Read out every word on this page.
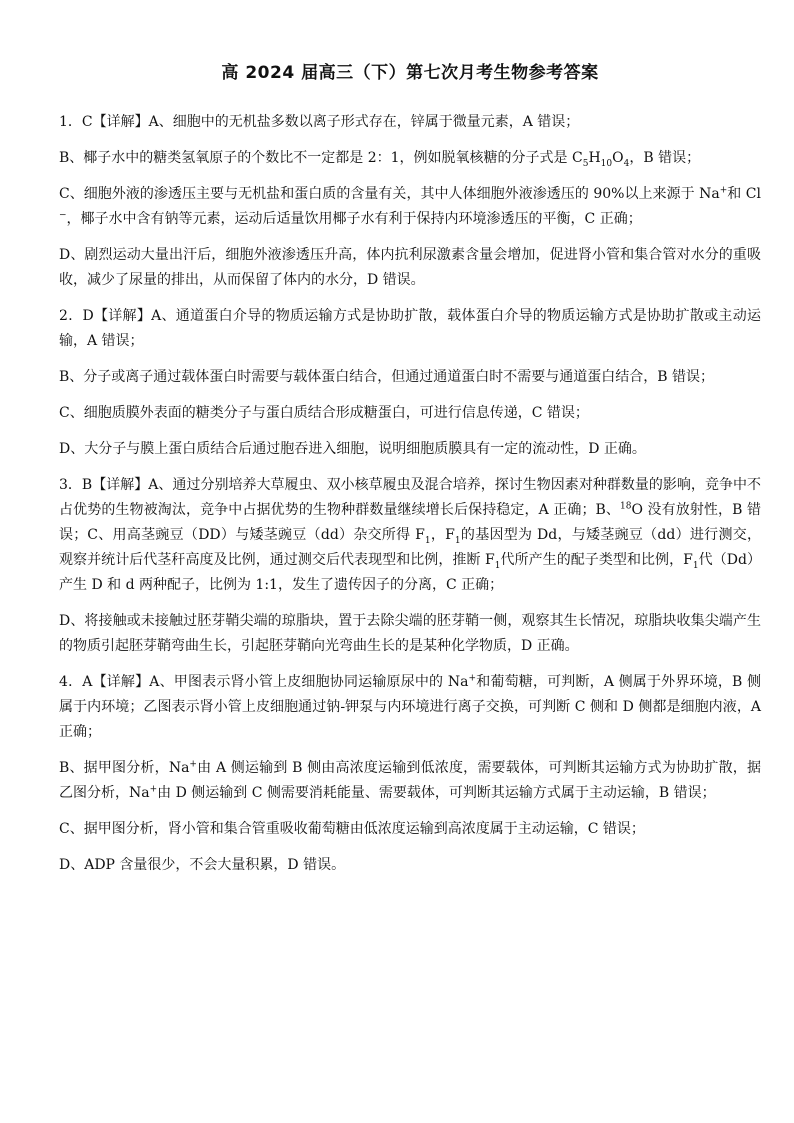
高 2024 届高三（下）第七次月考生物参考答案

1．C【详解】A、细胞中的无机盐多数以离子形式存在，锌属于微量元素，A 错误；

B、椰子水中的糖类氢氧原子的个数比不一定都是 2：1，例如脱氧核糖的分子式是 $C_5H_{10}O_4$，B 错误；

C、细胞外液的渗透压主要与无机盐和蛋白质的含量有关，其中人体细胞外液渗透压的 90%以上来源于 Na+和 Cl−，椰子水中含有钠等元素，运动后适量饮用椰子水有利于保持内环境渗透压的平衡，C 正确；

D、剧烈运动大量出汗后，细胞外液渗透压升高，体内抗利尿激素含量会增加，促进肾小管和集合管对水分的重吸收，减少了尿量的排出，从而保留了体内的水分，D 错误。

2．D【详解】A、通道蛋白介导的物质运输方式是协助扩散，载体蛋白介导的物质运输方式是协助扩散或主动运输，A 错误；

B、分子或离子通过载体蛋白时需要与载体蛋白结合，但通过通道蛋白时不需要与通道蛋白结合，B 错误；

C、细胞质膜外表面的糖类分子与蛋白质结合形成糖蛋白，可进行信息传递，C 错误；

D、大分子与膜上蛋白质结合后通过胞吞进入细胞，说明细胞质膜具有一定的流动性，D 正确。

3．B【详解】A、通过分别培养大草履虫、双小核草履虫及混合培养，探讨生物因素对种群数量的影响，竞争中不占优势的生物被淘汰，竞争中占据优势的生物种群数量继续增长后保持稳定，A 正确；B、$^{18}$O 没有放射性，B 错误；C、用高茎豌豆（DD）与矮茎豌豆（dd）杂交所得 $F_1$，$F_1$的基因型为 Dd，与矮茎豌豆（dd）进行测交，观察并统计后代茎秆高度及比例，通过测交后代表现型和比例，推断 $F_1$代所产生的配子类型和比例，$F_1$代（Dd）产生 D 和 d 两种配子，比例为 1:1，发生了遗传因子的分离，C 正确；

D、将接触或未接触过胚芽鞘尖端的琼脂块，置于去除尖端的胚芽鞘一侧，观察其生长情况，琼脂块收集尖端产生的物质引起胚芽鞘弯曲生长，引起胚芽鞘向光弯曲生长的是某种化学物质，D 正确。

4．A【详解】A、甲图表示肾小管上皮细胞协同运输原尿中的 Na+和葡萄糖，可判断，A 侧属于外界环境，B 侧属于内环境；乙图表示肾小管上皮细胞通过钠-钾泵与内环境进行离子交换，可判断 C 侧和 D 侧都是细胞内液，A 正确；

B、据甲图分析，Na+由 A 侧运输到 B 侧由高浓度运输到低浓度，需要载体，可判断其运输方式为协助扩散，据乙图分析，Na+由 D 侧运输到 C 侧需要消耗能量、需要载体，可判断其运输方式属于主动运输，B 错误；

C、据甲图分析，肾小管和集合管重吸收葡萄糖由低浓度运输到高浓度属于主动运输，C 错误；

D、ADP 含量很少，不会大量积累，D 错误。
